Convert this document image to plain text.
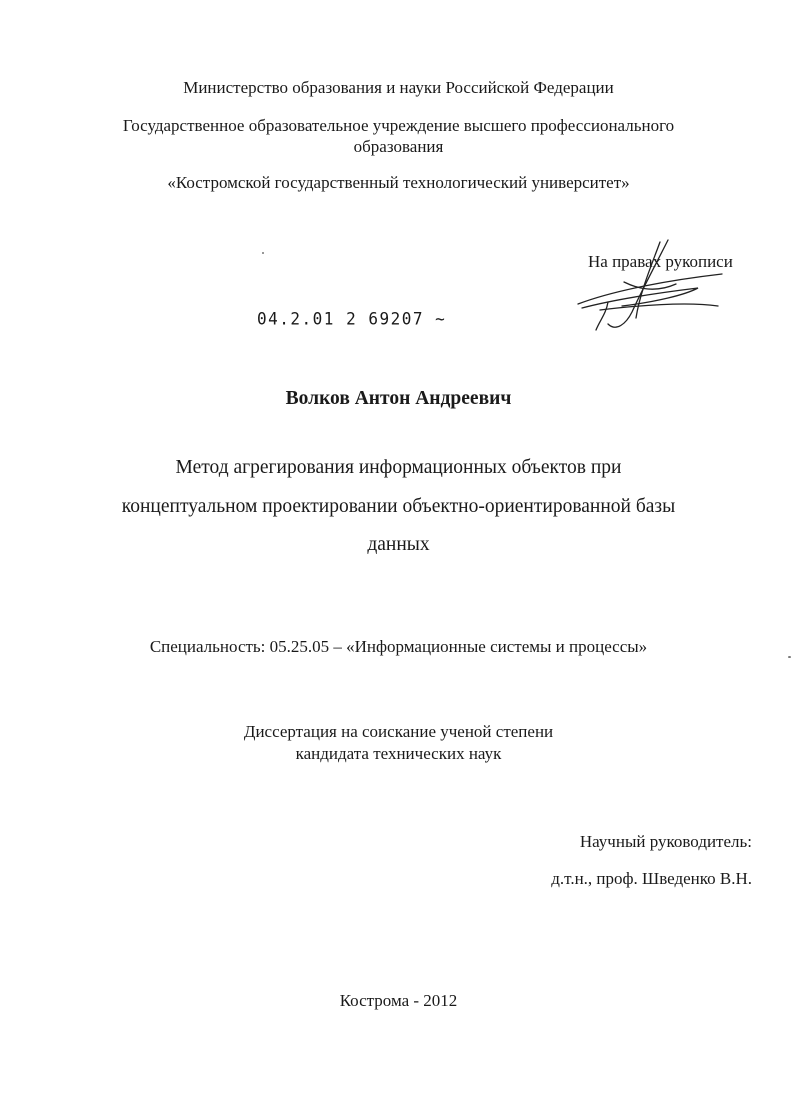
Министерство образования и науки Российской Федерации
Государственное образовательное учреждение высшего профессионального
образования
«Костромской государственный технологический университет»
На правах рукописи
04.2.01 2 69207 ~
Волков Антон Андреевич
Метод агрегирования информационных объектов при
концептуальном проектировании объектно-ориентированной базы
данных
Специальность: 05.25.05 – «Информационные системы и процессы»
Диссертация на соискание ученой степени
кандидата технических наук
Научный руководитель:
д.т.н., проф. Шведенко В.Н.
Кострома - 2012
